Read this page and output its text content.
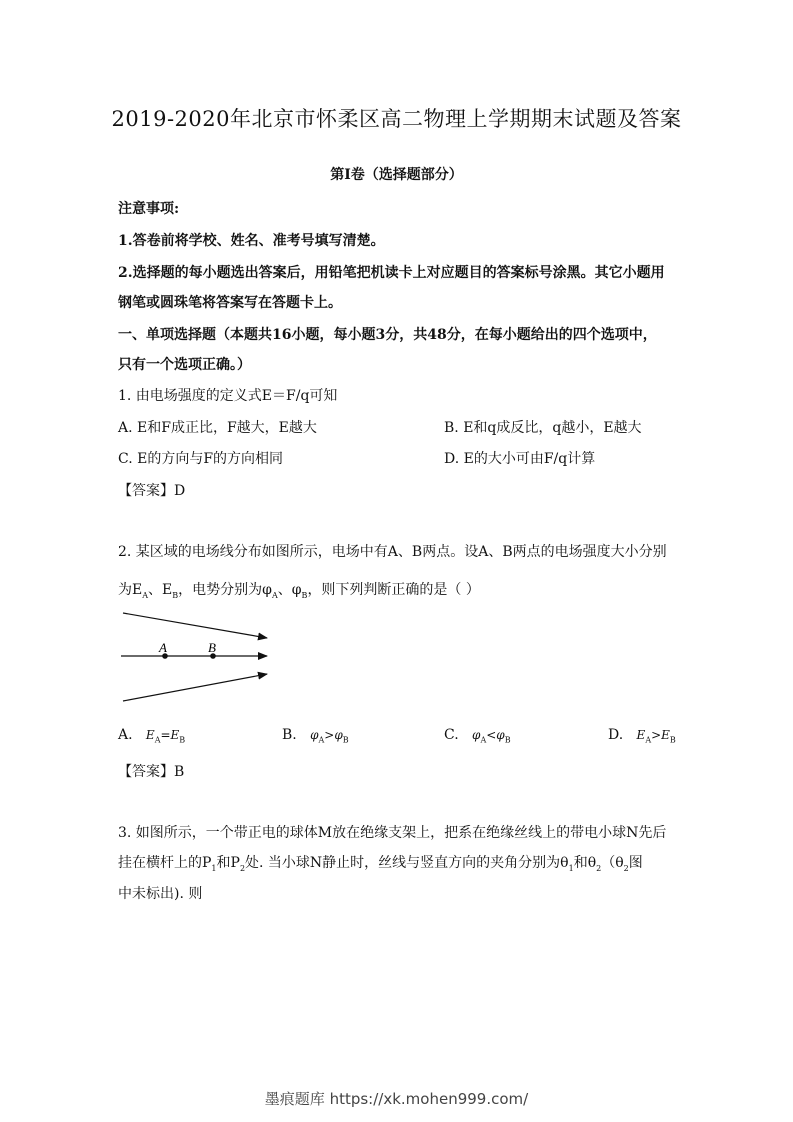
2019-2020年北京市怀柔区高二物理上学期期末试题及答案
第Ⅰ卷（选择题部分）
注意事项:
1.答卷前将学校、姓名、准考号填写清楚。
2.选择题的每小题选出答案后，用铅笔把机读卡上对应题目的答案标号涂黑。其它小题用
钢笔或圆珠笔将答案写在答题卡上。
一、单项选择题（本题共16小题，每小题3分，共48分，在每小题给出的四个选项中，
只有一个选项正确。）
1. 由电场强度的定义式E＝F/q可知
A. E和F成正比，F越大，E越大	B. E和q成反比，q越小，E越大
C. E的方向与F的方向相同	D. E的大小可由F/q计算
【答案】D
2. 某区域的电场线分布如图所示，电场中有A、B两点。设A、B两点的电场强度大小分别
为$E_A$、$E_B$，电势分别为$\varphi_A$、$\varphi_B$，则下列判断正确的是（ ）
A	B
A. $E_A=E_B$	B. $\varphi_A>\varphi_B$	C. $\varphi_A<\varphi_B$	D. $E_A>E_B$
【答案】B
3. 如图所示，一个带正电的球体M放在绝缘支架上，把系在绝缘丝线上的带电小球N先后
挂在横杆上的$P_1$和$P_2$处. 当小球N静止时，丝线与竖直方向的夹角分别为$\theta_1$和$\theta_2(\theta_2$图
中未标出). 则
墨痕题库 https://xk.mohen999.com/
